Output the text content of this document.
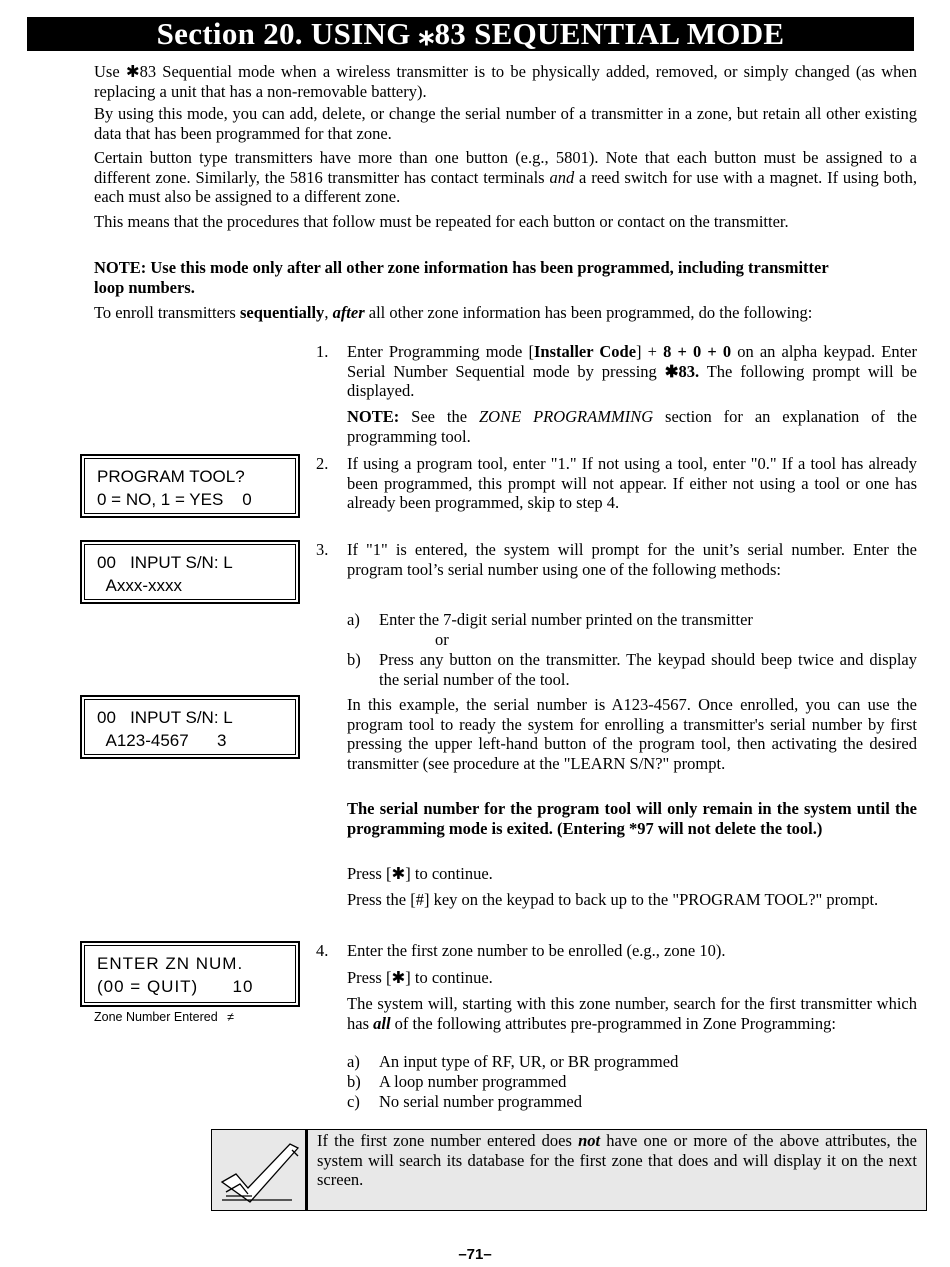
Section 20. USING ⁎83 SEQUENTIAL MODE
Use ✱83 Sequential mode when a wireless transmitter is to be physically added, removed, or simply changed (as when replacing a unit that has a non-removable battery).
By using this mode, you can add, delete, or change the serial number of a transmitter in a zone, but retain all other existing data that has been programmed for that zone.
Certain button type transmitters have more than one button (e.g., 5801). Note that each button must be assigned to a different zone. Similarly, the 5816 transmitter has contact terminals and a reed switch for use with a magnet. If using both, each must also be assigned to a different zone.
This means that the procedures that follow must be repeated for each button or contact on the transmitter.
NOTE: Use this mode only after all other zone information has been programmed, including transmitter loop numbers.
To enroll transmitters sequentially, after all other zone information has been programmed, do the following:
1. Enter Programming mode [Installer Code] + 8 + 0 + 0 on an alpha keypad. Enter Serial Number Sequential mode by pressing ✱83. The following prompt will be displayed.
NOTE: See the ZONE PROGRAMMING section for an explanation of the programming tool.
PROGRAM TOOL?
0 = NO, 1 = YES    0
2. If using a program tool, enter "1." If not using a tool, enter "0." If a tool has already been programmed, this prompt will not appear. If either not using a tool or one has already been programmed, skip to step 4.
00   INPUT S/N: L
Axxx-xxxx
3. If "1" is entered, the system will prompt for the unit’s serial number. Enter the program tool’s serial number using one of the following methods:
a) Enter the 7-digit serial number printed on the transmitter
or
b) Press any button on the transmitter. The keypad should beep twice and display the serial number of the tool.
00   INPUT S/N: L
A123-4567      3
In this example, the serial number is A123-4567. Once enrolled, you can use the program tool to ready the system for enrolling a transmitter's serial number by first pressing the upper left-hand button of the program tool, then activating the desired transmitter (see procedure at the "LEARN S/N?" prompt.
The serial number for the program tool will only remain in the system until the programming mode is exited. (Entering *97 will not delete the tool.)
Press [✱] to continue.
Press the [#] key on the keypad to back up to the "PROGRAM TOOL?" prompt.
ENTER ZN NUM.
(00 = QUIT)      10
Zone Number Entered ≠
4. Enter the first zone number to be enrolled (e.g., zone 10).
Press [✱] to continue.
The system will, starting with this zone number, search for the first transmitter which has all of the following attributes pre-programmed in Zone Programming:
a) An input type of RF, UR, or BR programmed
b) A loop number programmed
c) No serial number programmed
If the first zone number entered does not have one or more of the above attributes, the system will search its database for the first zone that does and will display it on the next screen.
–71–
